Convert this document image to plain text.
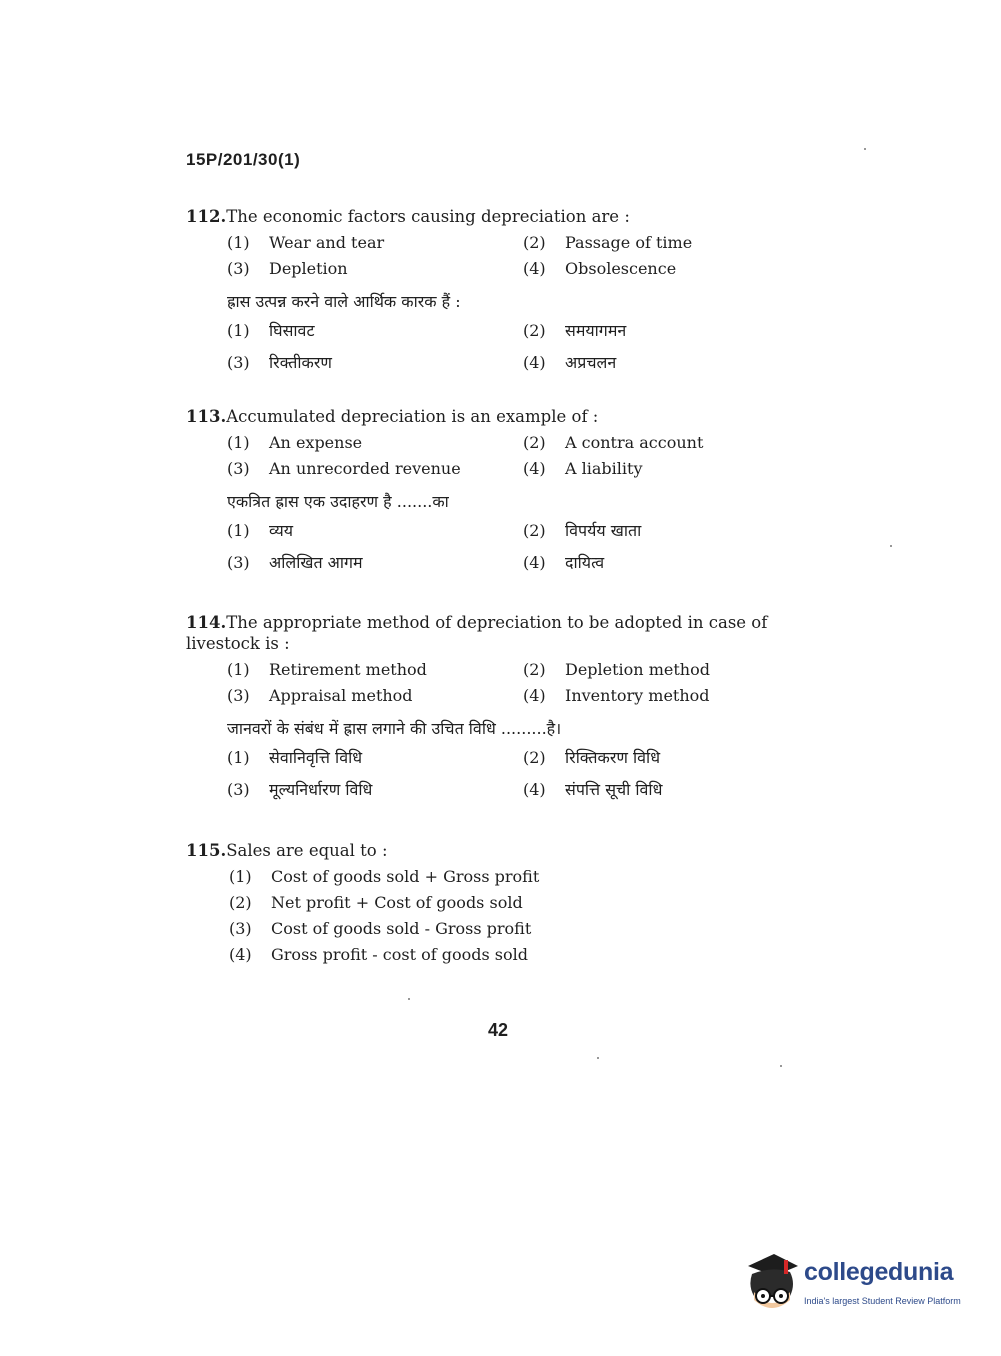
15P/201/30(1)
112.The economic factors causing depreciation are :
(1)	Wear and tear	(2)	Passage of time
(3)	Depletion	(4)	Obsolescence
ह्रास उत्पन्न करने वाले आर्थिक कारक हैं :
(1)	घिसावट	(2)	समयागमन
(3)	रिक्तीकरण	(4)	अप्रचलन
113.Accumulated depreciation is an example of :
(1)	An expense	(2)	A contra account
(3)	An unrecorded revenue	(4)	A liability
एकत्रित ह्रास एक उदाहरण है .......का
(1)	व्यय	(2)	विपर्यय खाता
(3)	अलिखित आगम	(4)	दायित्व
114.The appropriate method of depreciation to be adopted in case of livestock is :
(1)	Retirement method	(2)	Depletion method
(3)	Appraisal method	(4)	Inventory method
जानवरों के संबंध में ह्रास लगाने की उचित विधि .........है।
(1)	सेवानिवृत्ति विधि	(2)	रिक्तिकरण विधि
(3)	मूल्यनिर्धारण विधि	(4)	संपत्ति सूची विधि
115.Sales are equal to :
(1)	Cost of goods sold + Gross profit
(2)	Net profit + Cost of goods sold
(3)	Cost of goods sold - Gross profit
(4)	Gross profit - cost of goods sold
42
collegedunia
India's largest Student Review Platform
